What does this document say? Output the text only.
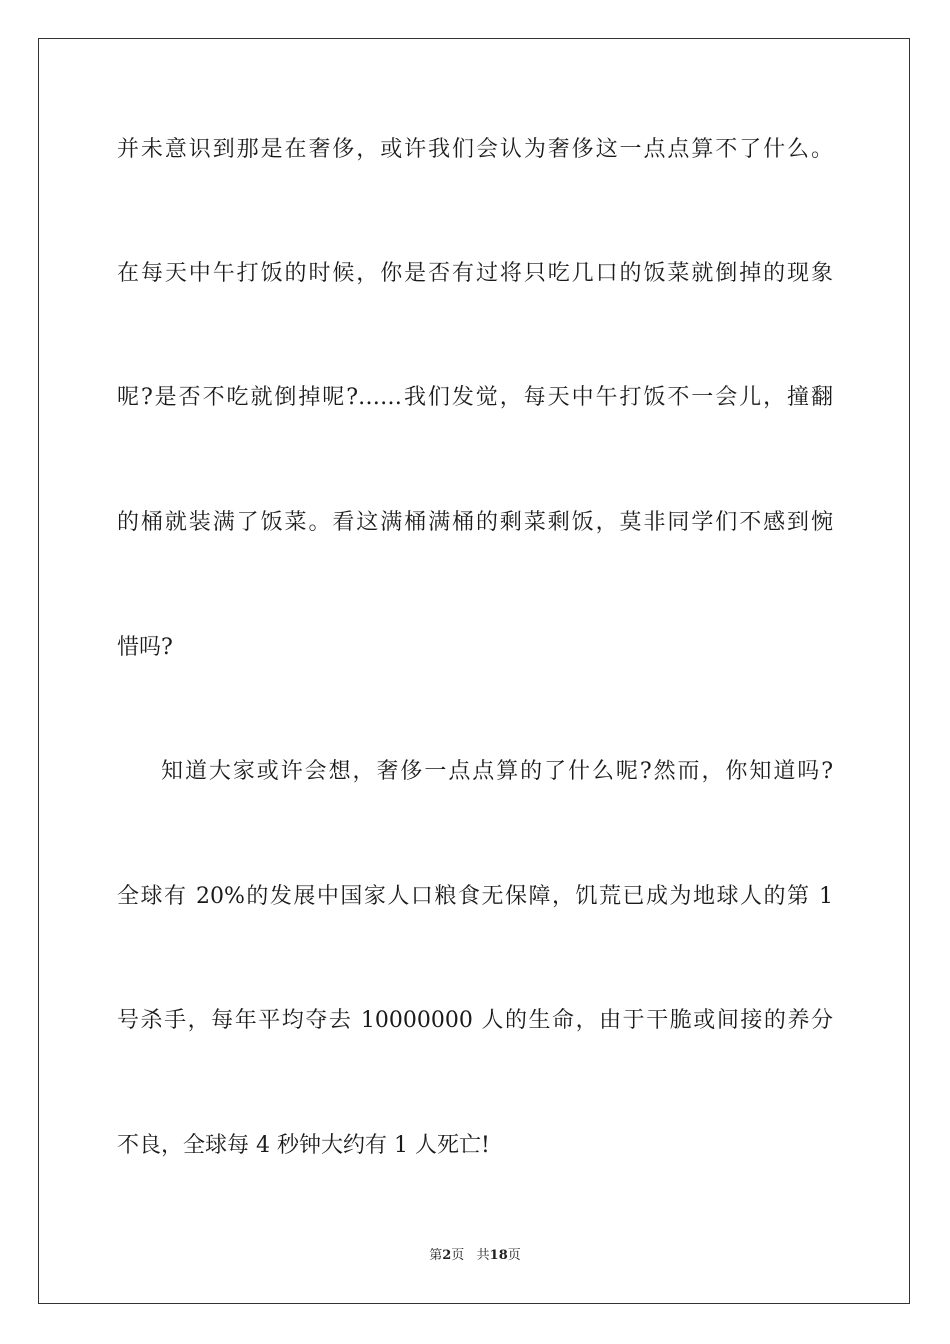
并未意识到那是在奢侈，或许我们会认为奢侈这一点点算不了什么。
在每天中午打饭的时候，你是否有过将只吃几口的饭菜就倒掉的现象
呢?是否不吃就倒掉呢?……我们发觉，每天中午打饭不一会儿，撞翻
的桶就装满了饭菜。看这满桶满桶的剩菜剩饭，莫非同学们不感到惋
惜吗?
知道大家或许会想，奢侈一点点算的了什么呢?然而，你知道吗?
全球有 20%的发展中国家人口粮食无保障，饥荒已成为地球人的第 1
号杀手，每年平均夺去 10000000 人的生命，由于干脆或间接的养分
不良，全球每 4 秒钟大约有 1 人死亡!
第2页   共18页
